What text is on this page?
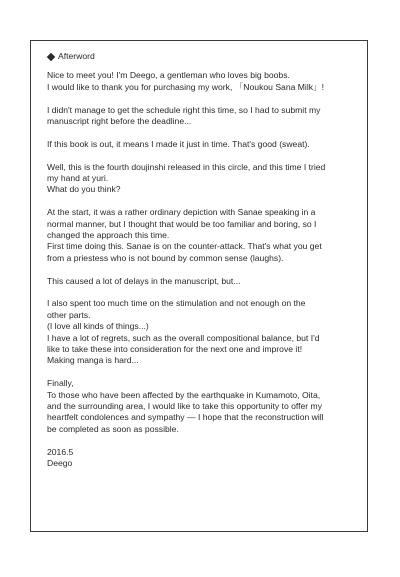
Afterword
Nice to meet you! I'm Deego, a gentleman who loves big boobs.
I would like to thank you for purchasing my work, 「Noukou Sana Milk」!
I didn't manage to get the schedule right this time, so I had to submit my
manuscript right before the deadline...
If this book is out, it means I made it just in time. That's good (sweat).
Well, this is the fourth doujinshi released in this circle, and this time I tried
my hand at yuri.
What do you think?
At the start, it was a rather ordinary depiction with Sanae speaking in a
normal manner, but I thought that would be too familiar and boring, so I
changed the approach this time.
First time doing this. Sanae is on the counter-attack. That's what you get
from a priestess who is not bound by common sense (laughs).
This caused a lot of delays in the manuscript, but...
I also spent too much time on the stimulation and not enough on the
other parts.
(I love all kinds of things...)
I have a lot of regrets, such as the overall compositional balance, but I'd
like to take these into consideration for the next one and improve it!
Making manga is hard...
Finally,
To those who have been affected by the earthquake in Kumamoto, Oita,
and the surrounding area, I would like to take this opportunity to offer my
heartfelt condolences and sympathy ― I hope that the reconstruction will
be completed as soon as possible.
2016.5
Deego
